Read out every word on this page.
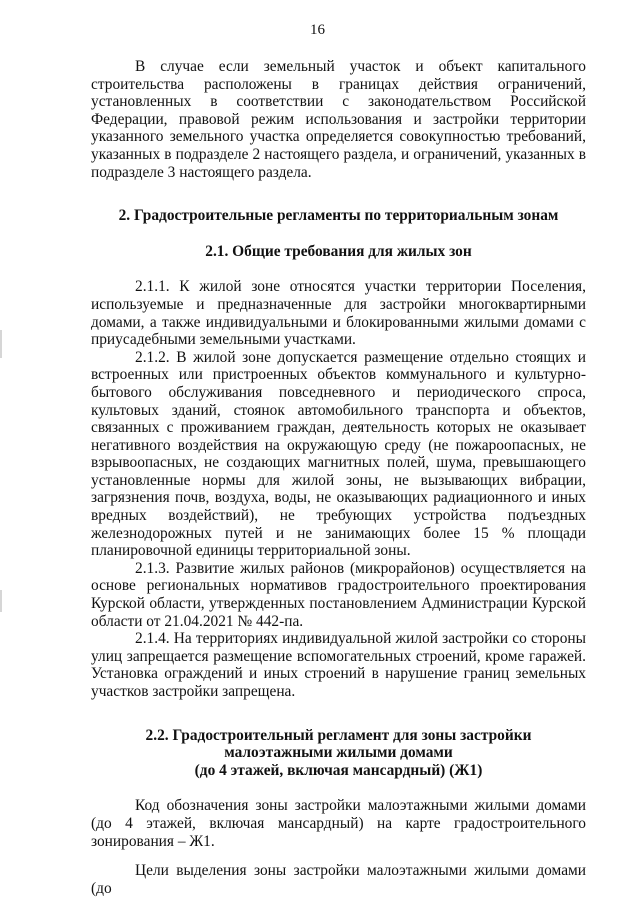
16

В случае если земельный участок и объект капитального строительства расположены в границах действия ограничений, установленных в соответствии с законодательством Российской Федерации, правовой режим использования и застройки территории указанного земельного участка определяется совокупностью требований, указанных в подразделе 2 настоящего раздела, и ограничений, указанных в подразделе 3 настоящего раздела.

2. Градостроительные регламенты по территориальным зонам

2.1. Общие требования для жилых зон

2.1.1. К жилой зоне относятся участки территории Поселения, используемые и предназначенные для застройки многоквартирными домами, а также индивидуальными и блокированными жилыми домами с приусадебными земельными участками.

2.1.2. В жилой зоне допускается размещение отдельно стоящих и встроенных или пристроенных объектов коммунального и культурно-бытового обслуживания повседневного и периодического спроса, культовых зданий, стоянок автомобильного транспорта и объектов, связанных с проживанием граждан, деятельность которых не оказывает негативного воздействия на окружающую среду (не пожароопасных, не взрывоопасных, не создающих магнитных полей, шума, превышающего установленные нормы для жилой зоны, не вызывающих вибрации, загрязнения почв, воздуха, воды, не оказывающих радиационного и иных вредных воздействий), не требующих устройства подъездных железнодорожных путей и не занимающих более 15 % площади планировочной единицы территориальной зоны.

2.1.3. Развитие жилых районов (микрорайонов) осуществляется на основе региональных нормативов градостроительного проектирования Курской области, утвержденных постановлением Администрации Курской области от 21.04.2021 № 442-па.

2.1.4. На территориях индивидуальной жилой застройки со стороны улиц запрещается размещение вспомогательных строений, кроме гаражей. Установка ограждений и иных строений в нарушение границ земельных участков застройки запрещена.

2.2. Градостроительный регламент для зоны застройки
малоэтажными жилыми домами
(до 4 этажей, включая мансардный) (Ж1)

Код обозначения зоны застройки малоэтажными жилыми домами (до 4 этажей, включая мансардный) на карте градостроительного зонирования – Ж1.

Цели выделения зоны застройки малоэтажными жилыми домами (до
